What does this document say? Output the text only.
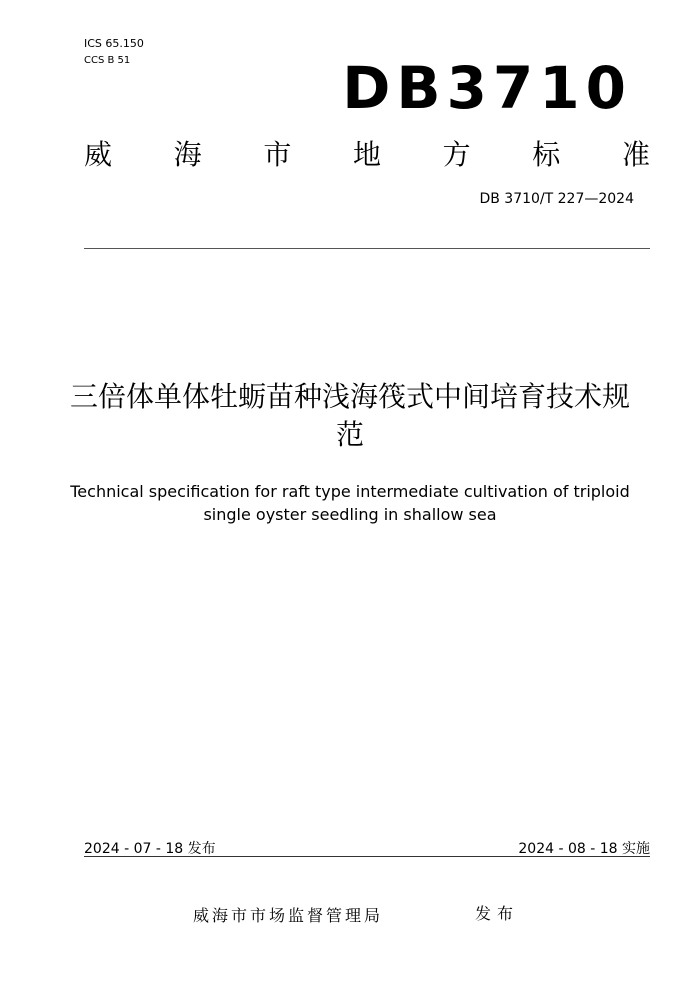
ICS 65.150
CCS B 51	DB3710
威 海 市 地 方 标 准
DB 3710/T 227—2024
三倍体单体牡蛎苗种浅海筏式中间培育技术规范
Technical specification for raft type intermediate cultivation of triploid single oyster seedling in shallow sea
2024 - 07 - 18 发布	2024 - 08 - 18 实施
威海市市场监督管理局	发布
